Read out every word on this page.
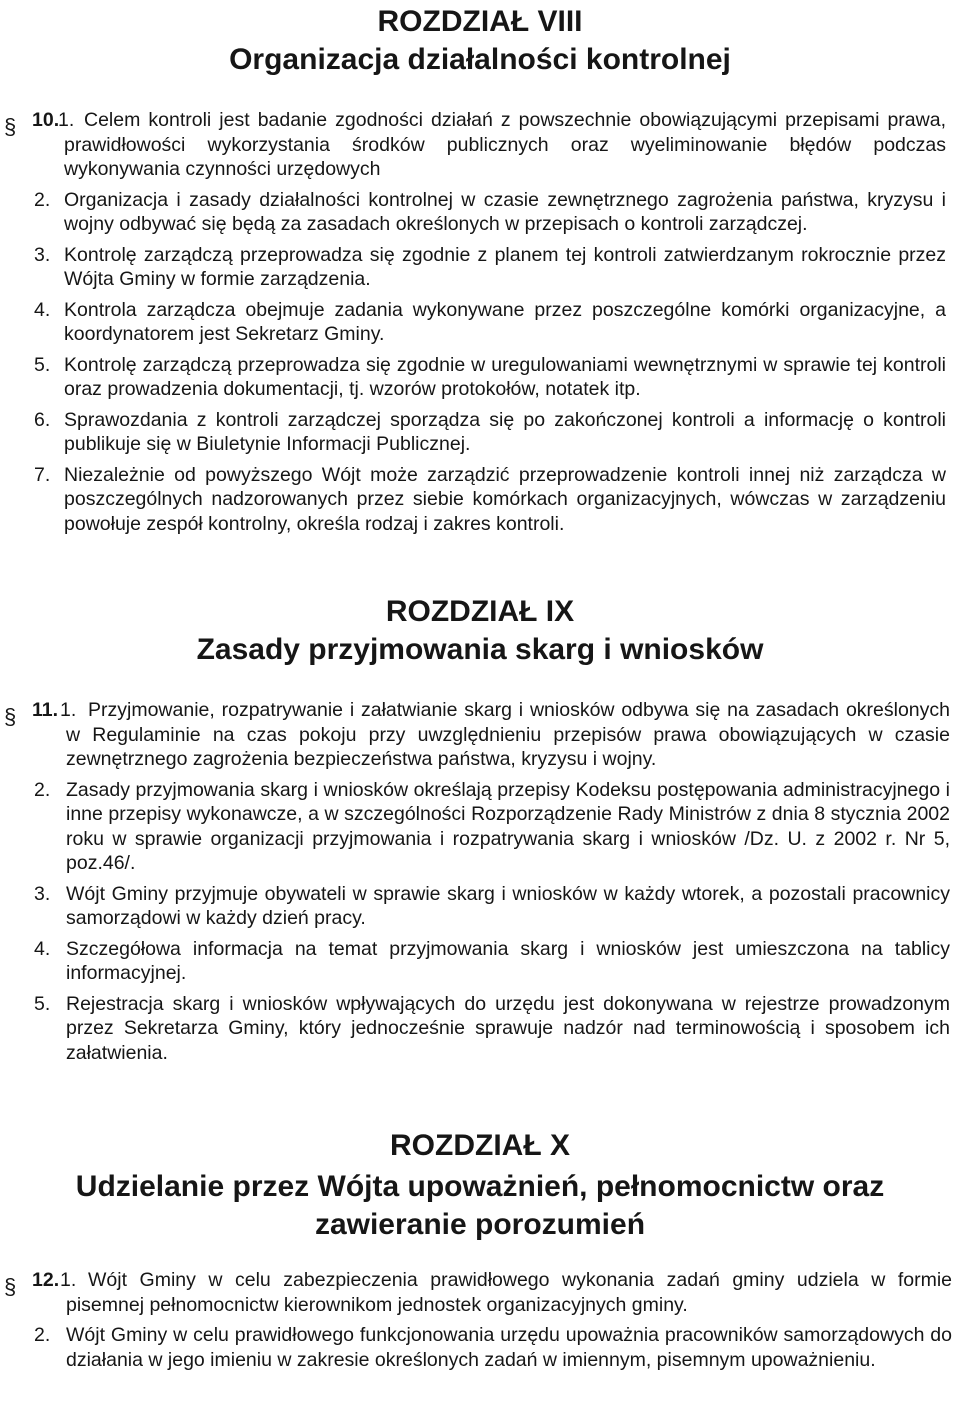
ROZDZIAŁ VIII
Organizacja działalności kontrolnej
§ 10.
1. Celem kontroli jest badanie zgodności działań z powszechnie obowiązującymi przepisami prawa, prawidłowości wykorzystania środków publicznych oraz wyeliminowanie błędów podczas wykonywania czynności urzędowych
2. Organizacja i zasady działalności kontrolnej w czasie zewnętrznego zagrożenia państwa, kryzysu i wojny odbywać się będą za zasadach określonych w przepisach o kontroli zarządczej.
3. Kontrolę zarządczą przeprowadza się zgodnie z planem tej kontroli zatwierdzanym rokrocznie przez Wójta Gminy w formie zarządzenia.
4. Kontrola zarządcza obejmuje zadania wykonywane przez poszczególne komórki organizacyjne, a koordynatorem jest Sekretarz Gminy.
5. Kontrolę zarządczą przeprowadza się zgodnie w uregulowaniami wewnętrznymi w sprawie tej kontroli oraz prowadzenia dokumentacji, tj. wzorów protokołów, notatek itp.
6. Sprawozdania z kontroli zarządczej sporządza się po zakończonej kontroli a informację o kontroli publikuje się w Biuletynie Informacji Publicznej.
7. Niezależnie od powyższego Wójt może zarządzić przeprowadzenie kontroli innej niż zarządcza w poszczególnych nadzorowanych przez siebie komórkach organizacyjnych, wówczas w zarządzeniu powołuje zespół kontrolny, określa rodzaj i zakres kontroli.
ROZDZIAŁ IX
Zasady przyjmowania skarg i wniosków
§ 11. 1. Przyjmowanie, rozpatrywanie i załatwianie skarg i wniosków odbywa się na zasadach określonych w Regulaminie na czas pokoju przy uwzględnieniu przepisów prawa obowiązujących w czasie zewnętrznego zagrożenia bezpieczeństwa państwa, kryzysu i wojny.
2. Zasady przyjmowania skarg i wniosków określają przepisy Kodeksu postępowania administracyjnego i inne przepisy wykonawcze, a w szczególności Rozporządzenie Rady Ministrów z dnia 8 stycznia 2002 roku w sprawie organizacji przyjmowania i rozpatrywania skarg i wniosków /Dz. U. z 2002 r. Nr 5, poz.46/.
3. Wójt Gminy przyjmuje obywateli w sprawie skarg i wniosków w każdy wtorek, a pozostali pracownicy samorządowi w każdy dzień pracy.
4. Szczegółowa informacja na temat przyjmowania skarg i wniosków jest umieszczona na tablicy informacyjnej.
5. Rejestracja skarg i wniosków wpływających do urzędu jest dokonywana w rejestrze prowadzonym przez Sekretarza Gminy, który jednocześnie sprawuje nadzór nad terminowością i sposobem ich załatwienia.
ROZDZIAŁ X
Udzielanie przez Wójta upoważnień, pełnomocnictw oraz zawieranie porozumień
§ 12. 1. Wójt Gminy w celu zabezpieczenia prawidłowego wykonania zadań gminy udziela w formie pisemnej pełnomocnictw kierownikom jednostek organizacyjnych gminy.
2. Wójt Gminy w celu prawidłowego funkcjonowania urzędu upoważnia pracowników samorządowych do działania w jego imieniu w zakresie określonych zadań w imiennym, pisemnym upoważnieniu.
